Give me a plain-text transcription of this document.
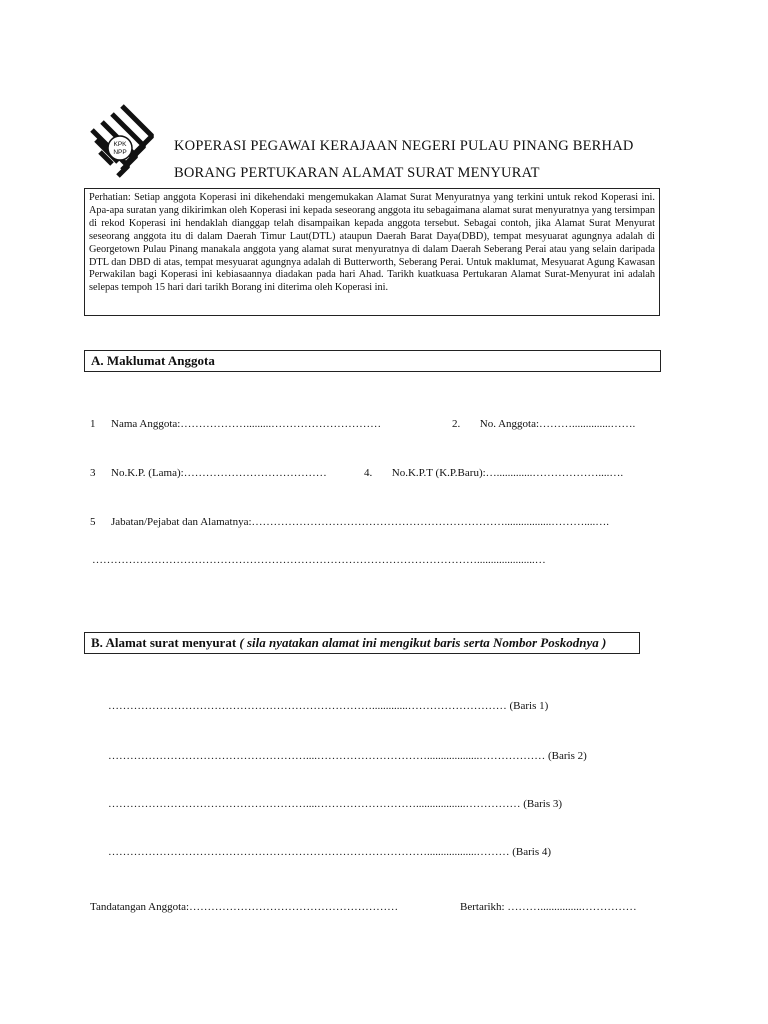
KPK
NPP	KOPERASI PEGAWAI KERAJAAN NEGERI PULAU PINANG BERHAD
BORANG PERTUKARAN ALAMAT SURAT MENYURAT
Perhatian: Setiap anggota Koperasi ini dikehendaki mengemukakan Alamat Surat Menyuratnya yang terkini untuk rekod Koperasi ini. Apa-apa suratan yang dikirimkan oleh Koperasi ini kepada seseorang anggota itu sebagaimana alamat surat menyuratnya yang tersimpan di rekod Koperasi ini hendaklah dianggap telah disampaikan kepada anggota tersebut. Sebagai contoh, jika Alamat Surat Menyurat seseorang anggota itu di dalam Daerah Timur Laut(DTL) ataupun Daerah Barat Daya(DBD), tempat mesyuarat agungnya adalah di Georgetown Pulau Pinang manakala anggota yang alamat surat menyuratnya di dalam Daerah Seberang Perai atau yang selain daripada DTL dan DBD di atas, tempat mesyuarat agungnya adalah di Butterworth, Seberang Perai. Untuk maklumat, Mesyuarat Agung Kawasan Perwakilan bagi Koperasi ini kebiasaannya diadakan pada hari Ahad. Tarikh kuatkuasa Pertukaran Alamat Surat-Menyurat ini adalah selepas tempoh 15 hari dari tarikh Borang ini diterima oleh Koperasi ini.
A. Maklumat Anggota
1 Nama Anggota:……………….........…………………………	2. No. Anggota:………..............…….
3 No.K.P. (Lama):…………………………………	4. No.K.P.T (K.P.Baru):….............………………....….
5 Jabatan/Pejabat dan Alamatnya:…………………………………………………………….................………....….
…………………………………………………………………………………………….....................…
B. Alamat surat menyurat ( sila nyatakan alamat ini mengikut baris serta Nombor Poskodnya )
……………………………………………………………….............……………………… (Baris 1)
………………………………………………....…………………………...................……………… (Baris 2)
………………………………………………....………………………..................…………… (Baris 3)
……………………………………………………………………………..................……… (Baris 4)
Tandatangan Anggota:…………………………………………………	Bertarikh: ………...............……………
